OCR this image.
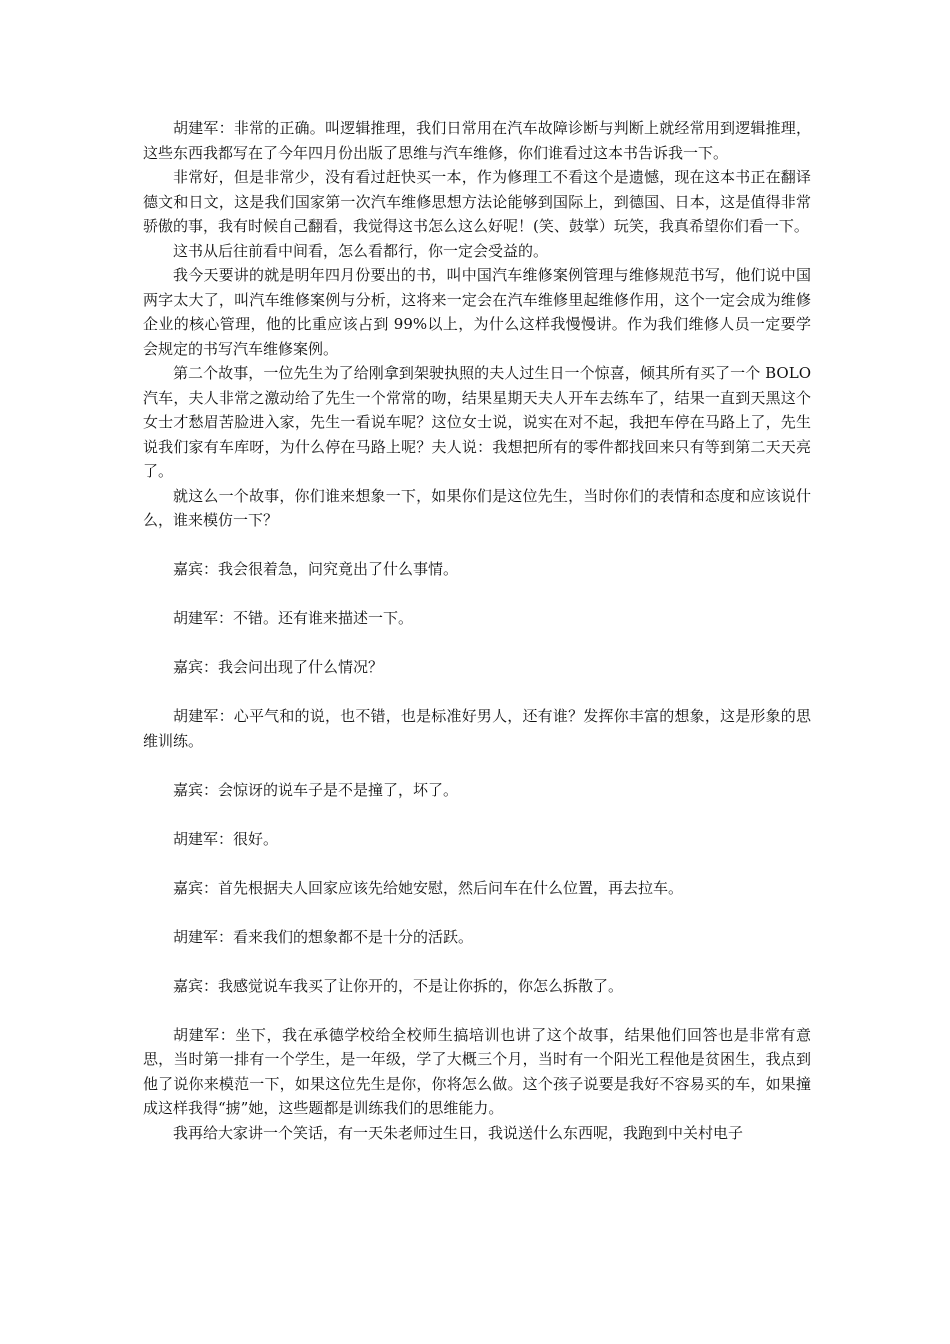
胡建军：非常的正确。叫逻辑推理，我们日常用在汽车故障诊断与判断上就经常用到逻辑推理，这些东西我都写在了今年四月份出版了思维与汽车维修，你们谁看过这本书告诉我一下。

非常好，但是非常少，没有看过赶快买一本，作为修理工不看这个是遗憾，现在这本书正在翻译德文和日文，这是我们国家第一次汽车维修思想方法论能够到国际上，到德国、日本，这是值得非常骄傲的事，我有时候自己翻看，我觉得这书怎么这么好呢！(笑、鼓掌）玩笑，我真希望你们看一下。

这书从后往前看中间看，怎么看都行，你一定会受益的。

我今天要讲的就是明年四月份要出的书，叫中国汽车维修案例管理与维修规范书写，他们说中国两字太大了，叫汽车维修案例与分析，这将来一定会在汽车维修里起维修作用，这个一定会成为维修企业的核心管理，他的比重应该占到 99%以上，为什么这样我慢慢讲。作为我们维修人员一定要学会规定的书写汽车维修案例。

第二个故事，一位先生为了给刚拿到架驶执照的夫人过生日一个惊喜，倾其所有买了一个 BOLO 汽车，夫人非常之激动给了先生一个常常的吻，结果星期天夫人开车去练车了，结果一直到天黑这个女士才愁眉苦脸进入家，先生一看说车呢？这位女士说，说实在对不起，我把车停在马路上了，先生说我们家有车库呀，为什么停在马路上呢？夫人说：我想把所有的零件都找回来只有等到第二天天亮了。

就这么一个故事，你们谁来想象一下，如果你们是这位先生，当时你们的表情和态度和应该说什么，谁来模仿一下？

嘉宾：我会很着急，问究竟出了什么事情。

胡建军：不错。还有谁来描述一下。

嘉宾：我会问出现了什么情况？

胡建军：心平气和的说，也不错，也是标准好男人，还有谁？发挥你丰富的想象，这是形象的思维训练。

嘉宾：会惊讶的说车子是不是撞了，坏了。

胡建军：很好。

嘉宾：首先根据夫人回家应该先给她安慰，然后问车在什么位置，再去拉车。

胡建军：看来我们的想象都不是十分的活跃。

嘉宾：我感觉说车我买了让你开的，不是让你拆的，你怎么拆散了。

胡建军：坐下，我在承德学校给全校师生搞培训也讲了这个故事，结果他们回答也是非常有意思，当时第一排有一个学生，是一年级，学了大概三个月，当时有一个阳光工程他是贫困生，我点到他了说你来模范一下，如果这位先生是你，你将怎么做。这个孩子说要是我好不容易买的车，如果撞成这样我得“掳”她，这些题都是训练我们的思维能力。

我再给大家讲一个笑话，有一天朱老师过生日，我说送什么东西呢，我跑到中关村电子
